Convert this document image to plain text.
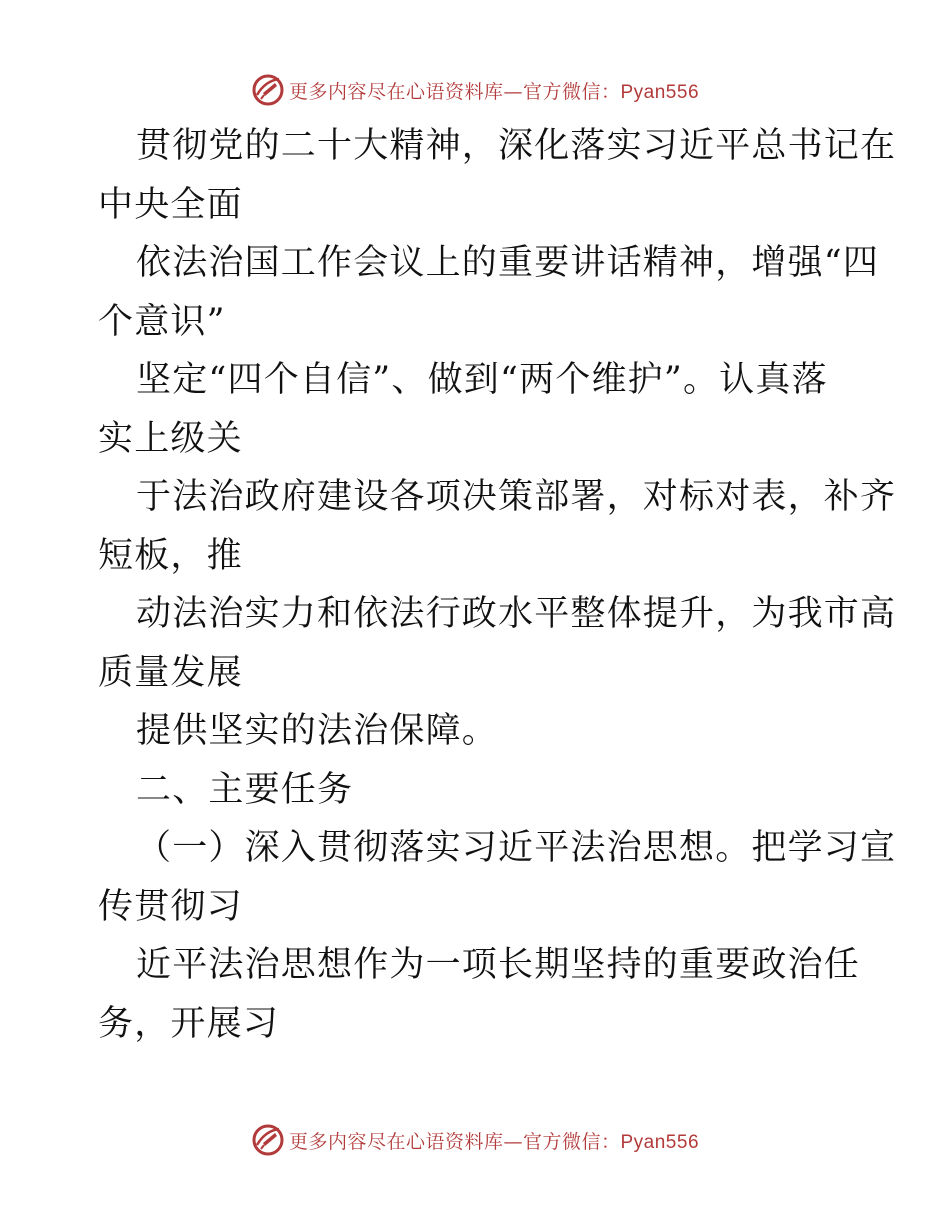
更多内容尽在心语资料库—官方微信：Pyan556
贯彻党的二十大精神，深化落实习近平总书记在
中央全面
依法治国工作会议上的重要讲话精神，增强“四
个意识”
坚定“四个自信”、做到“两个维护”。认真落
实上级关
于法治政府建设各项决策部署，对标对表，补齐
短板，推
动法治实力和依法行政水平整体提升，为我市高
质量发展
提供坚实的法治保障。
二、主要任务
（一）深入贯彻落实习近平法治思想。把学习宣
传贯彻习
近平法治思想作为一项长期坚持的重要政治任
务，开展习
更多内容尽在心语资料库—官方微信：Pyan556
